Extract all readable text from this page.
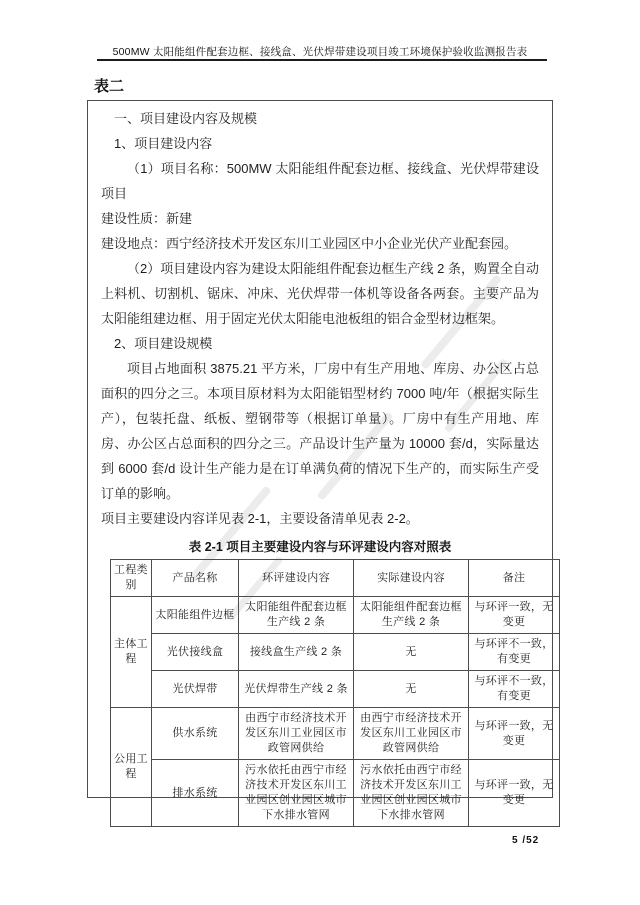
500MW 太阳能组件配套边框、接线盒、光伏焊带建设项目竣工环境保护验收监测报告表
表二

一、项目建设内容及规模

1、项目建设内容

（1）项目名称：500MW 太阳能组件配套边框、接线盒、光伏焊带建设项目

建设性质：新建

建设地点：西宁经济技术开发区东川工业园区中小企业光伏产业配套园。

（2）项目建设内容为建设太阳能组件配套边框生产线 2 条，购置全自动上料机、切割机、锯床、冲床、光伏焊带一体机等设备各两套。主要产品为太阳能组建边框、用于固定光伏太阳能电池板组的铝合金型材边框架。

2、项目建设规模

项目占地面积 3875.21 平方米，厂房中有生产用地、库房、办公区占总面积的四分之三。本项目原材料为太阳能铝型材约 7000 吨/年（根据实际生产），包装托盘、纸板、塑钢带等（根据订单量）。厂房中有生产用地、库房、办公区占总面积的四分之三。产品设计生产量为 10000 套/d，实际量达到 6000 套/d 设计生产能力是在订单满负荷的情况下生产的，而实际生产受订单的影响。

项目主要建设内容详见表 2-1，主要设备清单见表 2-2。

表 2-1 项目主要建设内容与环评建设内容对照表
工程类别	产品名称	环评建设内容	实际建设内容	备注
主体工程	太阳能组件边框	太阳能组件配套边框生产线 2 条	太阳能组件配套边框生产线 2 条	与环评一致，无变更
	光伏接线盒	接线盒生产线 2 条	无	与环评不一致，有变更
	光伏焊带	光伏焊带生产线 2 条	无	与环评不一致，有变更
公用工程	供水系统	由西宁市经济技术开发区东川工业园区市政管网供给	由西宁市经济技术开发区东川工业园区市政管网供给	与环评一致，无变更
	排水系统	污水依托由西宁市经济技术开发区东川工业园区创业园区城市下水排水管网	污水依托由西宁市经济技术开发区东川工业园区创业园区城市下水排水管网	与环评一致，无变更
5 /52
